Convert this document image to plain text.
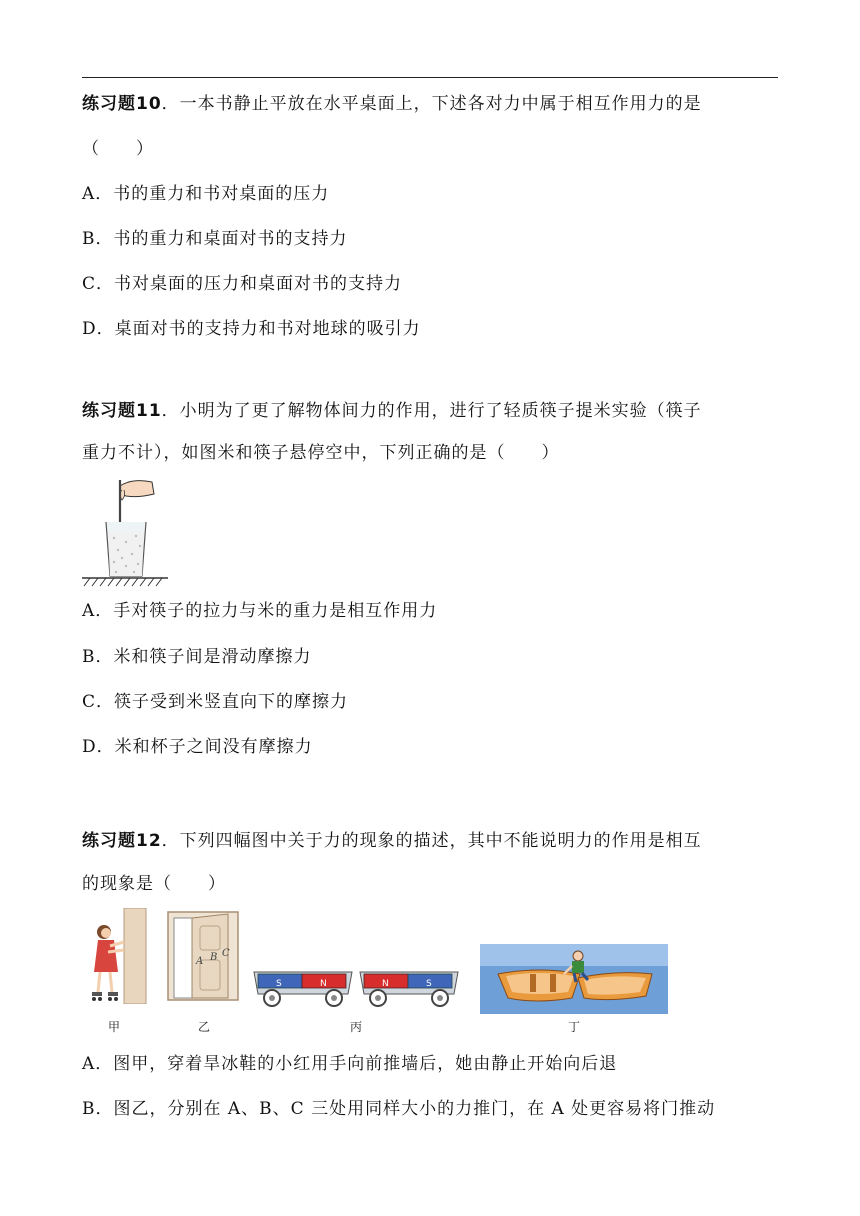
练习题10．一本书静止平放在水平桌面上，下述各对力中属于相互作用力的是
（　　）
A．书的重力和书对桌面的压力
B．书的重力和桌面对书的支持力
C．书对桌面的压力和桌面对书的支持力
D．桌面对书的支持力和书对地球的吸引力
练习题11．小明为了更了解物体间力的作用，进行了轻质筷子提米实验（筷子
重力不计），如图米和筷子悬停空中，下列正确的是（　　）
A．手对筷子的拉力与米的重力是相互作用力
B．米和筷子间是滑动摩擦力
C．筷子受到米竖直向下的摩擦力
D．米和杯子之间没有摩擦力
练习题12．下列四幅图中关于力的现象的描述，其中不能说明力的作用是相互
的现象是（　　）
甲
A B C
乙
S	N	N	S
丙	丁
A．图甲，穿着旱冰鞋的小红用手向前推墙后，她由静止开始向后退
B．图乙，分别在 A、B、C 三处用同样大小的力推门，在 A 处更容易将门推动
